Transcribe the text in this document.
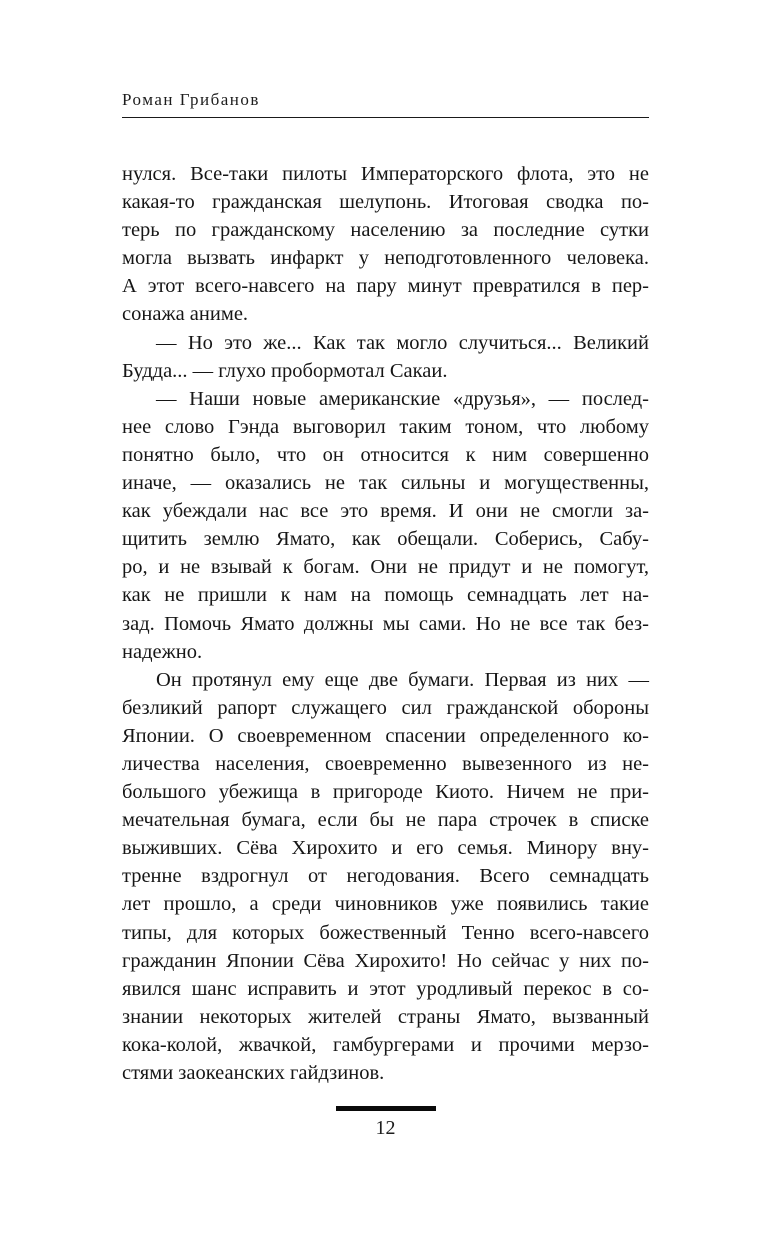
Роман Грибанов
нулся. Все-таки пилоты Императорского флота, это не
какая-то гражданская шелупонь. Итоговая сводка по-
терь по гражданскому населению за последние сутки
могла вызвать инфаркт у неподготовленного человека.
А этот всего-навсего на пару минут превратился в пер-
сонажа аниме.
— Но это же... Как так могло случиться... Великий
Будда... — глухо пробормотал Сакаи.
— Наши новые американские «друзья», — послед-
нее слово Гэнда выговорил таким тоном, что любому
понятно было, что он относится к ним совершенно
иначе, — оказались не так сильны и могущественны,
как убеждали нас все это время. И они не смогли за-
щитить землю Ямато, как обещали. Соберись, Сабу-
ро, и не взывай к богам. Они не придут и не помогут,
как не пришли к нам на помощь семнадцать лет на-
зад. Помочь Ямато должны мы сами. Но не все так без-
надежно.
Он протянул ему еще две бумаги. Первая из них —
безликий рапорт служащего сил гражданской обороны
Японии. О своевременном спасении определенного ко-
личества населения, своевременно вывезенного из не-
большого убежища в пригороде Киото. Ничем не при-
мечательная бумага, если бы не пара строчек в списке
выживших. Сёва Хирохито и его семья. Минору вну-
тренне вздрогнул от негодования. Всего семнадцать
лет прошло, а среди чиновников уже появились такие
типы, для которых божественный Тенно всего-навсего
гражданин Японии Сёва Хирохито! Но сейчас у них по-
явился шанс исправить и этот уродливый перекос в со-
знании некоторых жителей страны Ямато, вызванный
кока-колой, жвачкой, гамбургерами и прочими мерзо-
стями заокеанских гайдзинов.
12
